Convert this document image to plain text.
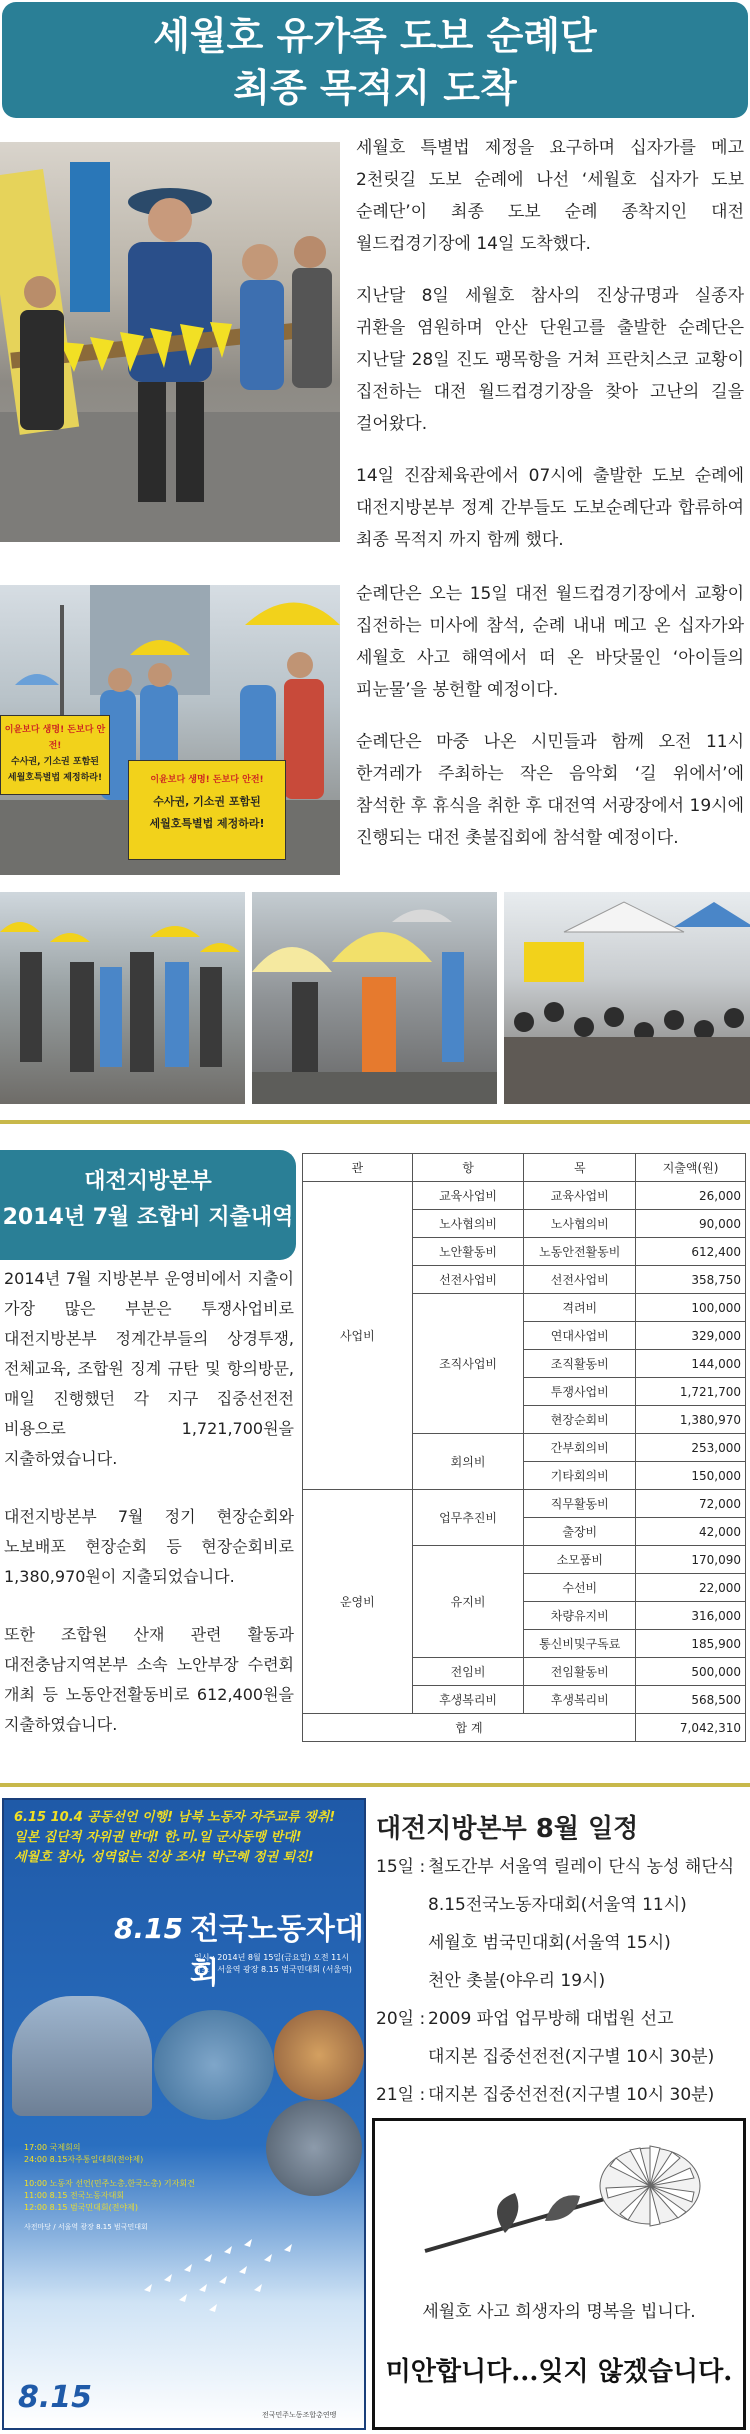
세월호 유가족 도보 순례단
최종 목적지 도착

세월호 특별법 제정을 요구하며 십자가를 메고 2천릿길 도보 순례에 나선 ‘세월호 십자가 도보 순례단’이 최종 도보 순례 종착지인 대전 월드컵경기장에 14일 도착했다.

지난달 8일 세월호 참사의 진상규명과 실종자 귀환을 염원하며 안산 단원고를 출발한 순례단은 지난달 28일 진도 팽목항을 거쳐 프란치스코 교황이 집전하는 대전 월드컵경기장을 찾아 고난의 길을 걸어왔다.

14일 진잠체육관에서 07시에 출발한 도보 순례에 대전지방본부 정계 간부들도 도보순례단과 합류하여 최종 목적지 까지 함께 했다.

이윤보다 생명! 돈보다 안전!
수사권, 기소권 포함된
세월호특별법 제정하라!	이윤보다 생명! 돈보다 안전!
수사권, 기소권 포함된
세월호특별법 제정하라!

순례단은 오는 15일 대전 월드컵경기장에서 교황이 집전하는 미사에 참석, 순례 내내 메고 온 십자가와 세월호 사고 해역에서 떠 온 바닷물인 ‘아이들의 피눈물’을 봉헌할 예정이다.

순례단은 마중 나온 시민들과 함께 오전 11시 한겨레가 주최하는 작은 음악회 ‘길 위에서’에 참석한 후 휴식을 취한 후 대전역 서광장에서 19시에 진행되는 대전 촛불집회에 참석할 예정이다.

대전지방본부
2014년 7월 조합비 지출내역

2014년 7월 지방본부 운영비에서 지출이 가장 많은 부분은 투쟁사업비로 대전지방본부 정계간부들의 상경투쟁, 전체교육, 조합원 징계 규탄 및 항의방문, 매일 진행했던 각 지구 집중선전전 비용으로 1,721,700원을 지출하였습니다.

대전지방본부 7월 정기 현장순회와 노보배포 현장순회 등 현장순회비로 1,380,970원이 지출되었습니다.

또한 조합원 산재 관련 활동과 대전충남지역본부 소속 노안부장 수련회 개최 등 노동안전활동비로 612,400원을 지출하였습니다.

관	항	목	지출액(원)
사업비	교육사업비	교육사업비	26,000
	노사협의비	노사협의비	90,000
	노안활동비	노동안전활동비	612,400
	선전사업비	선전사업비	358,750
	조직사업비	격려비	100,000
		연대사업비	329,000
		조직활동비	144,000
		투쟁사업비	1,721,700
		현장순회비	1,380,970
	회의비	간부회의비	253,000
		기타회의비	150,000
운영비	업무추진비	직무활동비	72,000
		출장비	42,000
	유지비	소모품비	170,090
		수선비	22,000
		차량유지비	316,000
		통신비및구독료	185,900
	전임비	전임활동비	500,000
	후생복리비	후생복리비	568,500
합 계			7,042,310
6.15 10.4 공동선언 이행! 남북 노동자 자주교류 쟁취!
일본 집단적 자위권 반대! 한.미.일 군사동맹 반대!
세월호 참사, 성역없는 진상 조사! 박근혜 정권 퇴진!
8.15 전국노동자대회
일시 : 2014년 8월 15일(금요일) 오전 11시
장소 : 서울역 광장 8.15 범국민대회 (서울역)
17:00 국제회의
24:00 8.15자주통일대회(전야제)
10:00 노동자 선언(민주노총,한국노총) 기자회견
11:00 8.15 전국노동자대회
12:00 8.15 범국민대회(전야제)
사전마당 / 서울역 광장 8.15 범국민대회
8.15	전국민주노동조합총연맹
대전지방본부 8월 일정
15일 : 철도간부 서울역 릴레이 단식 농성 해단식
8.15전국노동자대회(서울역 11시)
세월호 범국민대회(서울역 15시)
천안 촛불(야우리 19시)
20일 : 2009 파업 업무방해 대법원 선고
대지본 집중선전전(지구별 10시 30분)
21일 : 대지본 집중선전전(지구별 10시 30분)
세월호 사고 희생자의 명복을 빕니다.
미안합니다...잊지 않겠습니다.
